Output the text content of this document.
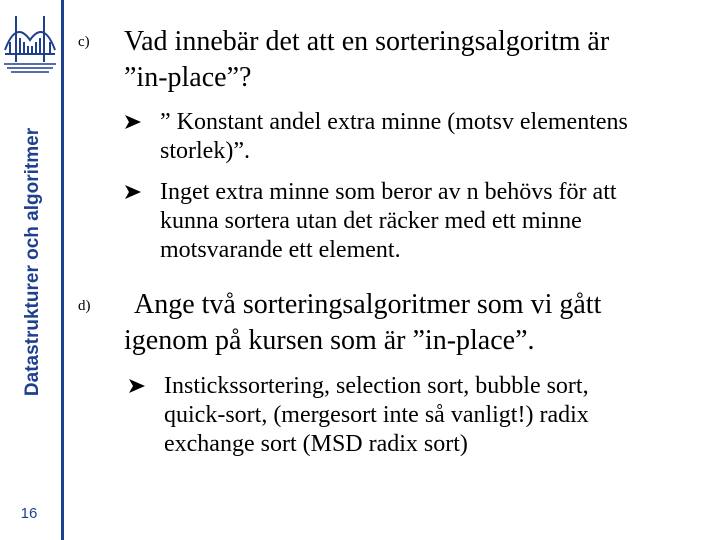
Datastrukturer och algoritmer
16
c) Vad innebär det att en sorteringsalgoritm är
”in-place”?
” Konstant andel extra minne (motsv elementens
storlek)”.
Inget extra minne som beror av n behövs för att
kunna sortera utan det räcker med ett minne
motsvarande ett element.
d) Ange två sorteringsalgoritmer som vi gått
igenom på kursen som är ”in-place”.
Instickssortering, selection sort, bubble sort,
quick-sort, (mergesort inte så vanligt!) radix
exchange sort (MSD radix sort)
